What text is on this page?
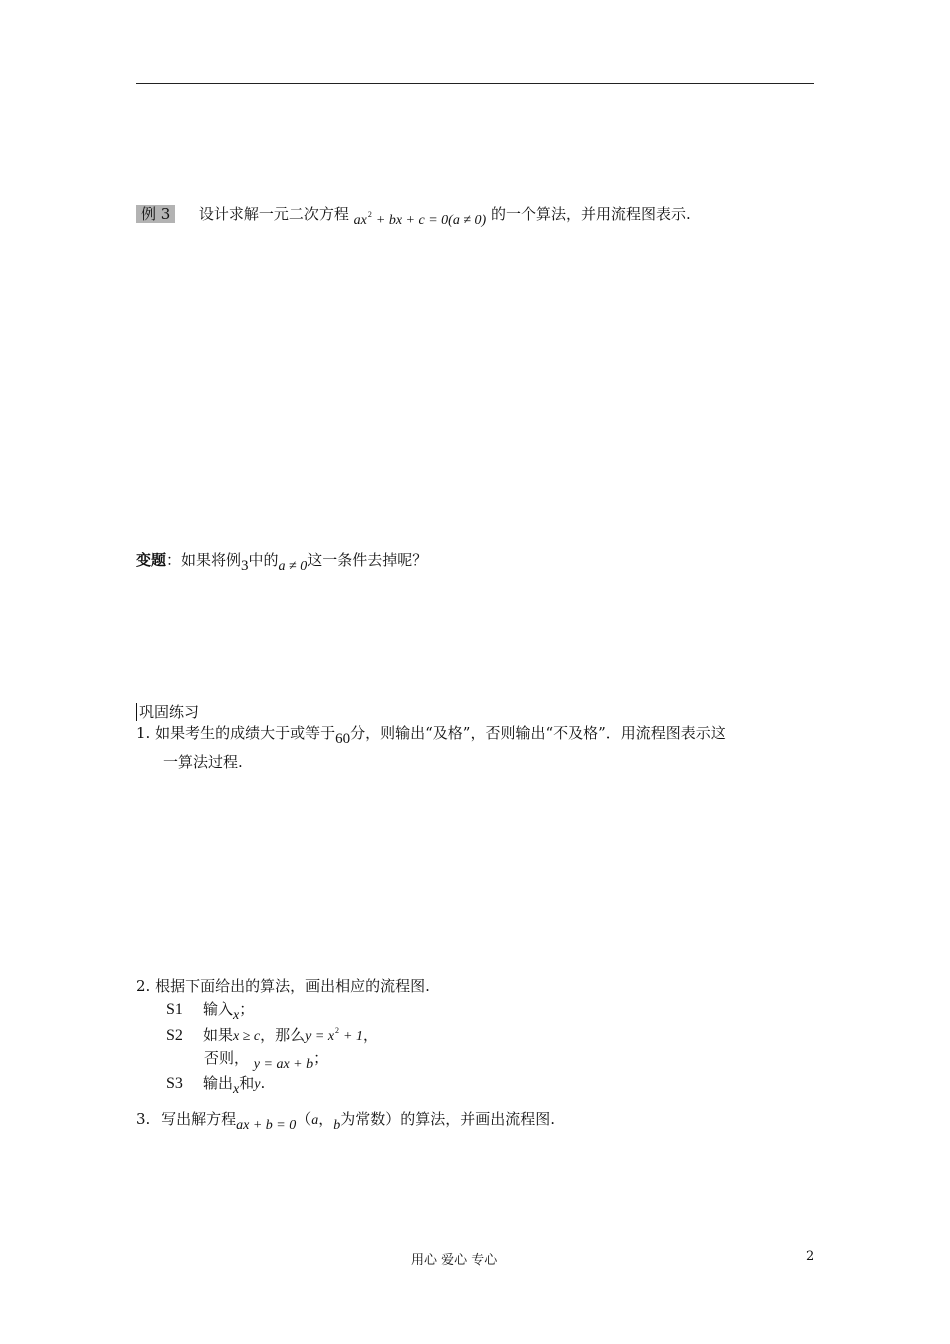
例 3 设计求解一元二次方程 $ax^2$ + bx + c = 0(a ≠ 0) 的一个算法，并用流程图表示.
变题：如果将例3中的a ≠ 0这一条件去掉呢？
巩固练习
1. 如果考生的成绩大于或等于60分，则输出“及格”，否则输出“不及格”．用流程图表示这
一算法过程.
2. 根据下面给出的算法，画出相应的流程图.
S1 输入x；
S2 如果x ≥ c，那么$y = x^2 + 1$，
否则， y = ax + b；
S3 输出x和y.
3. 写出解方程ax + b = 0（a，b为常数）的算法，并画出流程图.
用心 爱心 专心	2
